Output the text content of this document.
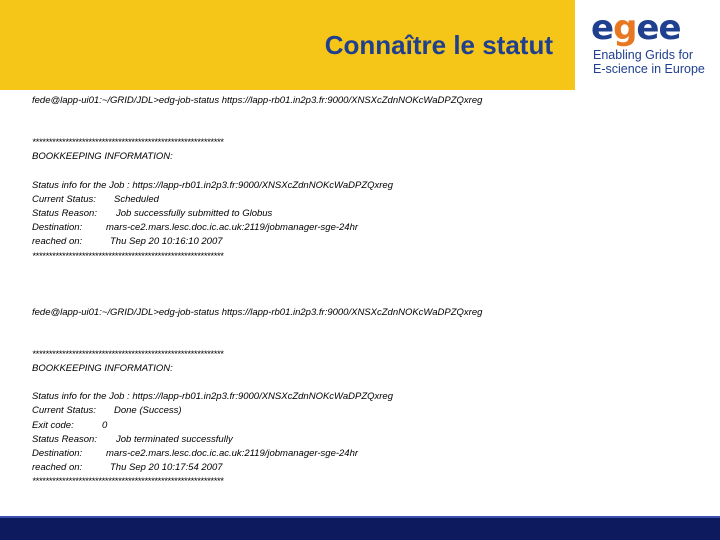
Connaître le statut egee
Enabling Grids for
E-science in Europe
fede@lapp-ui01:~/GRID/JDL>edg-job-status https://lapp-rb01.in2p3.fr:9000/XNSXcZdnNOKcWaDPZQxreg
**********************************************************
BOOKKEEPING INFORMATION:
Status info for the Job : https://lapp-rb01.in2p3.fr:9000/XNSXcZdnNOKcWaDPZQxreg
Current Status: Scheduled
Status Reason: Job successfully submitted to Globus
Destination:	mars-ce2.mars.lesc.doc.ic.ac.uk:2119/jobmanager-sge-24hr
reached on:	Thu Sep 20 10:16:10 2007
**********************************************************
fede@lapp-ui01:~/GRID/JDL>edg-job-status https://lapp-rb01.in2p3.fr:9000/XNSXcZdnNOKcWaDPZQxreg
**********************************************************
BOOKKEEPING INFORMATION:
Status info for the Job : https://lapp-rb01.in2p3.fr:9000/XNSXcZdnNOKcWaDPZQxreg
Current Status: Done (Success)
Exit code:	0
Status Reason: Job terminated successfully
Destination:	mars-ce2.mars.lesc.doc.ic.ac.uk:2119/jobmanager-sge-24hr
reached on:	Thu Sep 20 10:17:54 2007
**********************************************************
